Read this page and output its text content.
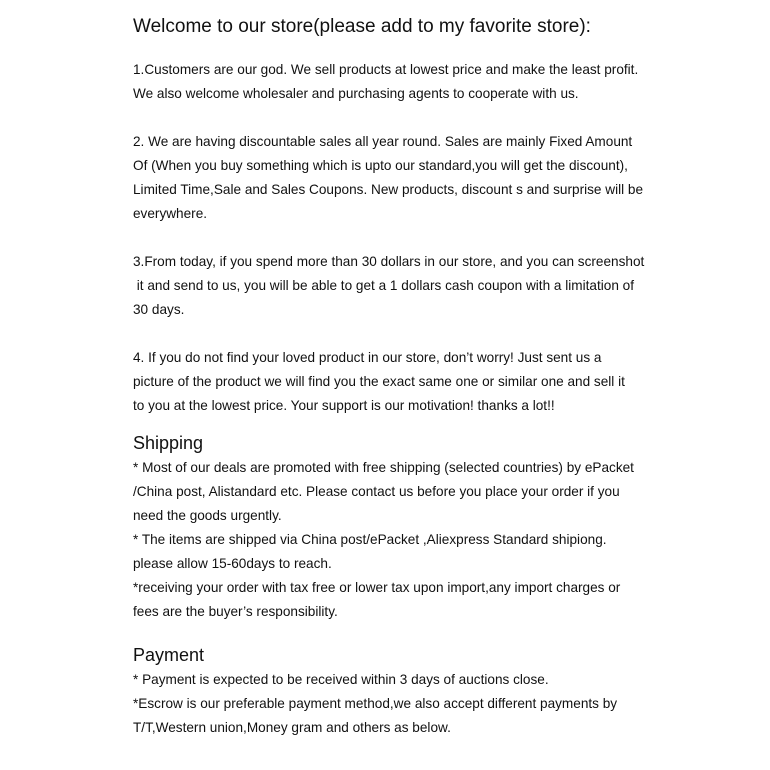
Welcome to our store(please add to my favorite store):
1.Customers are our god. We sell products at lowest price and make the least profit.
We also welcome wholesaler and purchasing agents to cooperate with us.
2. We are having discountable sales all year round. Sales are mainly Fixed Amount
Of (When you buy something which is upto our standard,you will get the discount),
Limited Time,Sale and Sales Coupons. New products, discount s and surprise will be
everywhere.
3.From today, if you spend more than 30 dollars in our store, and you can screenshot
it and send to us, you will be able to get a 1 dollars cash coupon with a limitation of
30 days.
4. If you do not find your loved product in our store, don’t worry! Just sent us a
picture of the product we will find you the exact same one or similar one and sell it
to you at the lowest price. Your support is our motivation! thanks a lot!!
Shipping
* Most of our deals are promoted with free shipping (selected countries) by ePacket
/China post, Alistandard etc. Please contact us before you place your order if you
need the goods urgently.
* The items are shipped via China post/ePacket ,Aliexpress Standard shipiong.
please allow 15-60days to reach.
*receiving your order with tax free or lower tax upon import,any import charges or
fees are the buyer’s responsibility.
Payment
* Payment is expected to be received within 3 days of auctions close.
*Escrow is our preferable payment method,we also accept different payments by
T/T,Western union,Money gram and others as below.
